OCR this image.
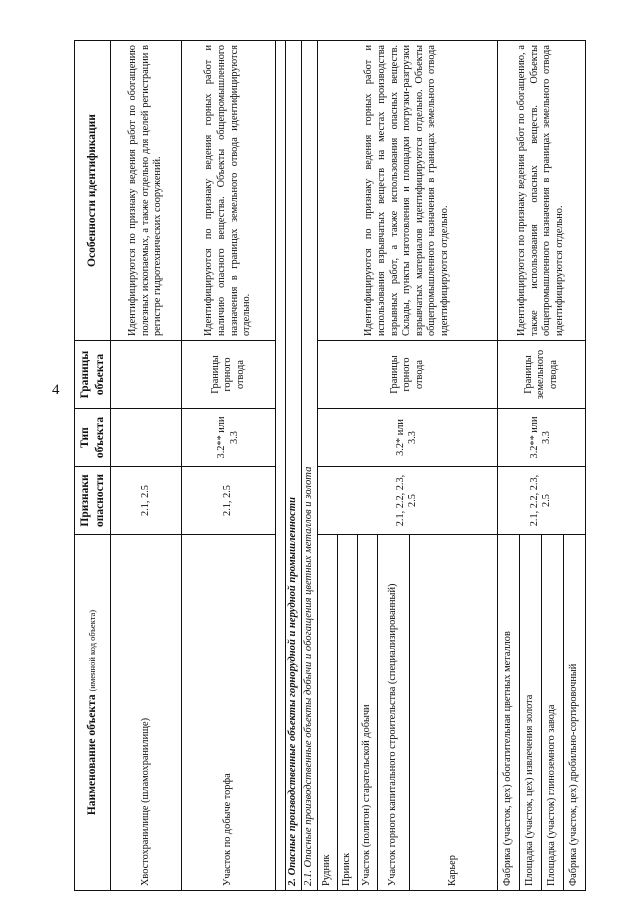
4
Наименование объекта (именной код объекта)	Признаки опасности	Тип объекта	Границы объекта	Особенности идентификации
Хвостохранилище (шламохранилище)	2.1, 2.5			Идентифицируются по признаку ведения работ по обогащению полезных ископаемых, а также отдельно для целей регистрации в регистре гидротехнических сооружений.
Участок по добыче торфа	2.1, 2.5	3.2** или 3.3	Границы горного отвода	Идентифицируются по признаку ведения горных работ и наличию опасного вещества. Объекты общепромышленного назначения в границах земельного отвода идентифицируются отдельно.

2. Опасные производственные объекты горнорудной и нерудной промышленности				
2.1. Опасные производственные объекты добычи и обогащения цветных металлов и золота				
Рудник	2.1, 2.2, 2.3, 2.5	3.2* или 3.3	Границы горного отвода	Идентифицируются по признаку ведения горных работ и использования взрывчатых веществ на местах производства взрывных работ, а также использования опасных веществ. Склады, пункты изготовления и площадки погрузки-разгрузки взрывчатых материалов идентифицируются отдельно. Объекты общепромышленного назначения в границах земельного отвода идентифицируются отдельно.
Прииск				
Участок (полигон) старательской добычи				
Участок горного капитального строительства (специализированный)				
Карьер				
Фабрика (участок, цех) обогатительная цветных металлов	2.1, 2.2, 2.3, 2.5	3.2** или 3.3	Границы земельного отвода	Идентифицируются по признаку ведения работ по обогащению, а также использования опасных веществ. Объекты общепромышленного назначения в границах земельного отвода идентифицируются отдельно.
Площадка (участок, цех) извлечения золота				
Площадка (участок) глиноземного завода				
Фабрика (участок, цех) дробильно-сортировочный				
